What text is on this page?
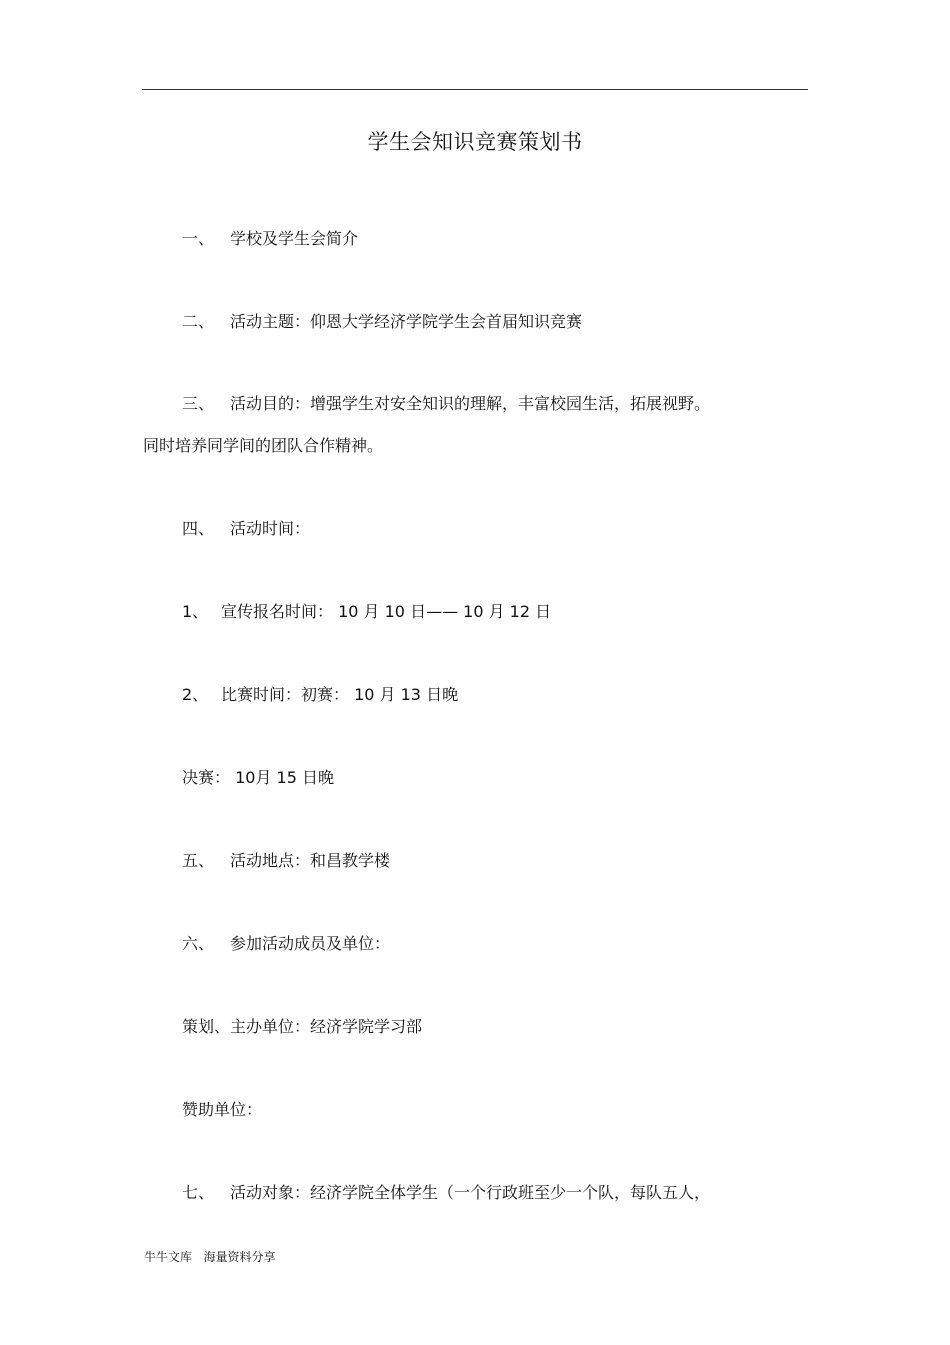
学生会知识竞赛策划书
一、 学校及学生会简介
二、 活动主题：仰恩大学经济学院学生会首届知识竞赛
三、 活动目的：增强学生对安全知识的理解，丰富校园生活，拓展视野。
同时培养同学间的团队合作精神。
四、 活动时间：
1、 宣传报名时间： 10 月 10 日—— 10 月 12 日
2、 比赛时间：初赛： 10 月 13 日晚
决赛： 10月 15 日晚
五、 活动地点：和昌教学楼
六、 参加活动成员及单位：
策划、主办单位：经济学院学习部
赞助单位：
七、 活动对象：经济学院全体学生（一个行政班至少一个队，每队五人，
牛牛文库   海量资料分享
